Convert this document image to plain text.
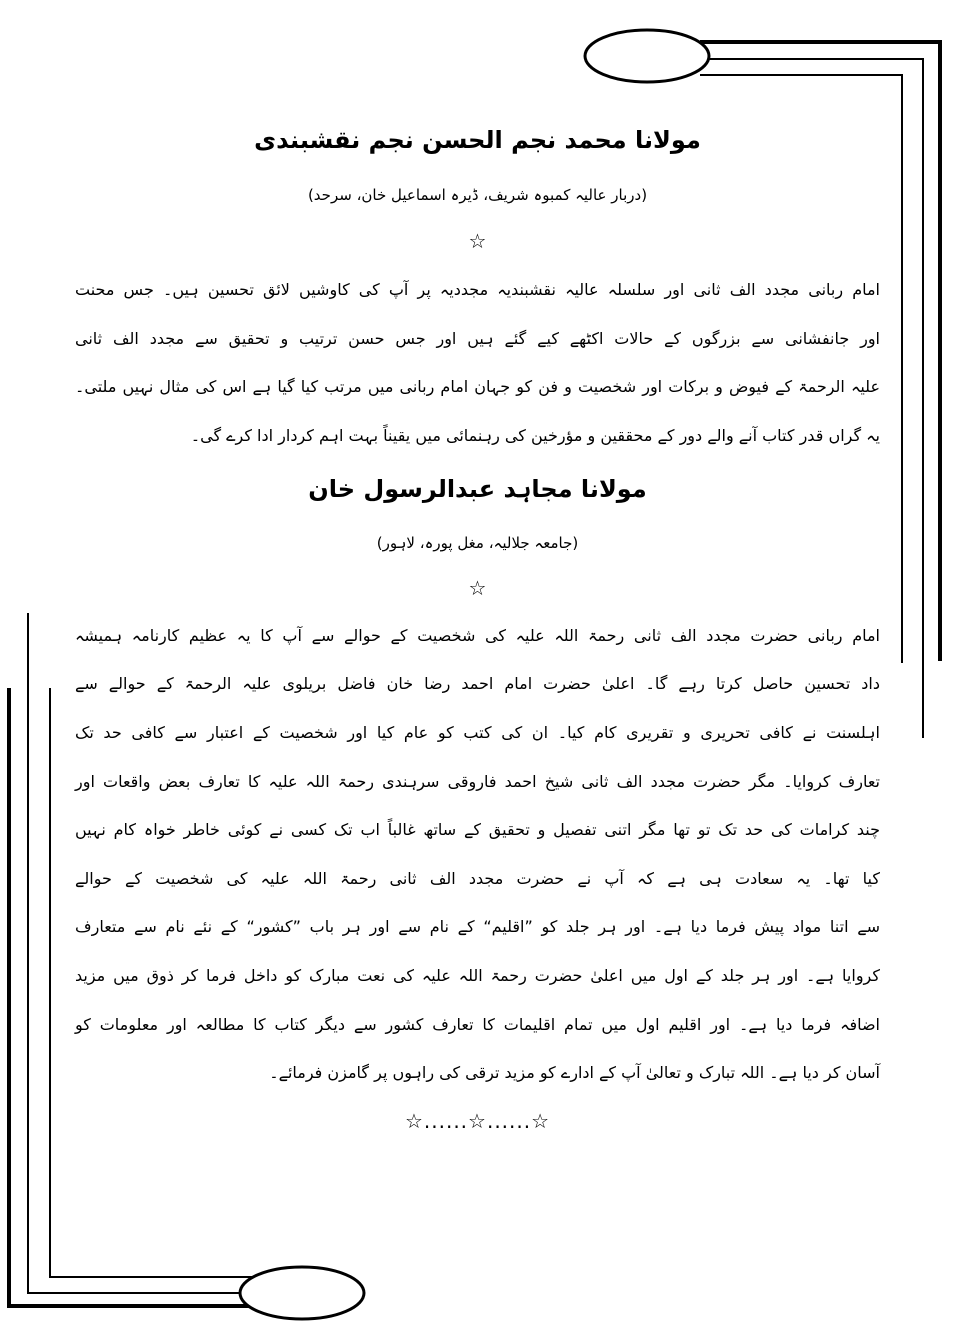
مولانا محمد نجم الحسن نجم نقشبندی
(دربار عالیہ کمبوہ شریف، ڈیرہ اسماعیل خان، سرحد)
☆
امام ربانی مجدد الف ثانی اور سلسلہ عالیہ نقشبندیہ مجددیہ پر آپ کی کاوشیں لائق تحسین ہیں۔ جس محنت
اور جانفشانی سے بزرگوں کے حالات اکٹھے کیے گئے ہیں اور جس حسن ترتیب و تحقیق سے مجدد الف ثانی
علیہ الرحمۃ کے فیوض و برکات اور شخصیت و فن کو جہان امام ربانی میں مرتب کیا گیا ہے اس کی مثال نہیں ملتی۔
یہ گراں قدر کتاب آنے والے دور کے محققین و مؤرخین کی رہنمائی میں یقیناً بہت اہم کردار ادا کرے گی۔
مولانا مجاہد عبدالرسول خان
(جامعہ جلالیہ، مغل پورہ، لاہور)
☆
امام ربانی حضرت مجدد الف ثانی رحمۃ اللہ علیہ کی شخصیت کے حوالے سے آپ کا یہ عظیم کارنامہ ہمیشہ
داد تحسین حاصل کرتا رہے گا۔ اعلیٰ حضرت امام احمد رضا خان فاضل بریلوی علیہ الرحمۃ کے حوالے سے
اہلسنت نے کافی تحریری و تقریری کام کیا۔ ان کی کتب کو عام کیا اور شخصیت کے اعتبار سے کافی حد تک
تعارف کروایا۔ مگر حضرت مجدد الف ثانی شیخ احمد فاروقی سرہندی رحمۃ اللہ علیہ کا تعارف بعض واقعات اور
چند کرامات کی حد تک تو تھا مگر اتنی تفصیل و تحقیق کے ساتھ غالباً اب تک کسی نے کوئی خاطر خواہ کام نہیں
کیا تھا۔ یہ سعادت ہی ہے کہ آپ نے حضرت مجدد الف ثانی رحمۃ اللہ علیہ کی شخصیت کے حوالے
سے اتنا مواد پیش فرما دیا ہے۔ اور ہر جلد کو ”اقلیم“ کے نام سے اور ہر باب ”کشور“ کے نئے نام سے متعارف
کروایا ہے۔ اور ہر جلد کے اول میں اعلیٰ حضرت رحمۃ اللہ علیہ کی نعت مبارک کو داخل فرما کر ذوق میں مزید
اضافہ فرما دیا ہے۔ اور اقلیم اول میں تمام اقلیمات کا تعارف کشور سے دیگر کتاب کا مطالعہ اور معلومات کو
آسان کر دیا ہے۔ اللہ تبارک و تعالیٰ آپ کے ادارے کو مزید ترقی کی راہوں پر گامزن فرمائے۔
☆......☆......☆
